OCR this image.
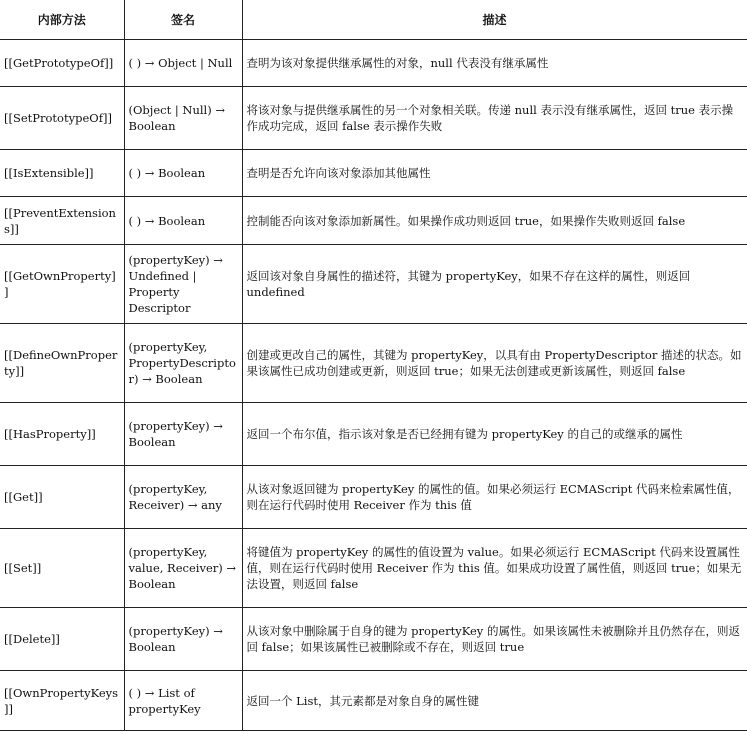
内部方法	签名	描述
[[GetPrototypeOf]]	( ) → Object | Null	查明为该对象提供继承属性的对象，null 代表没有继承属性
[[SetPrototypeOf]]	(Object | Null) → Boolean	将该对象与提供继承属性的另一个对象相关联。传递 null 表示没有继承属性，返回 true 表示操作成功完成，返回 false 表示操作失败
[[IsExtensible]]	( ) → Boolean	查明是否允许向该对象添加其他属性
[[PreventExtensions]]	( ) → Boolean	控制能否向该对象添加新属性。如果操作成功则返回 true，如果操作失败则返回 false
[[GetOwnProperty]]	(propertyKey) → Undefined | Property Descriptor	返回该对象自身属性的描述符，其键为 propertyKey，如果不存在这样的属性，则返回 undefined
[[DefineOwnProperty]]	(propertyKey, PropertyDescriptor) → Boolean	创建或更改自己的属性，其键为 propertyKey，以具有由 PropertyDescriptor 描述的状态。如果该属性已成功创建或更新，则返回 true；如果无法创建或更新该属性，则返回 false
[[HasProperty]]	(propertyKey) → Boolean	返回一个布尔值，指示该对象是否已经拥有键为 propertyKey 的自己的或继承的属性
[[Get]]	(propertyKey, Receiver) → any	从该对象返回键为 propertyKey 的属性的值。如果必须运行 ECMAScript 代码来检索属性值，则在运行代码时使用 Receiver 作为 this 值
[[Set]]	(propertyKey, value, Receiver) → Boolean	将键值为 propertyKey 的属性的值设置为 value。如果必须运行 ECMAScript 代码来设置属性值，则在运行代码时使用 Receiver 作为 this 值。如果成功设置了属性值，则返回 true；如果无法设置，则返回 false
[[Delete]]	(propertyKey) → Boolean	从该对象中删除属于自身的键为 propertyKey 的属性。如果该属性未被删除并且仍然存在，则返回 false；如果该属性已被删除或不存在，则返回 true
[[OwnPropertyKeys]]	( ) → List of propertyKey	返回一个 List，其元素都是对象自身的属性键
